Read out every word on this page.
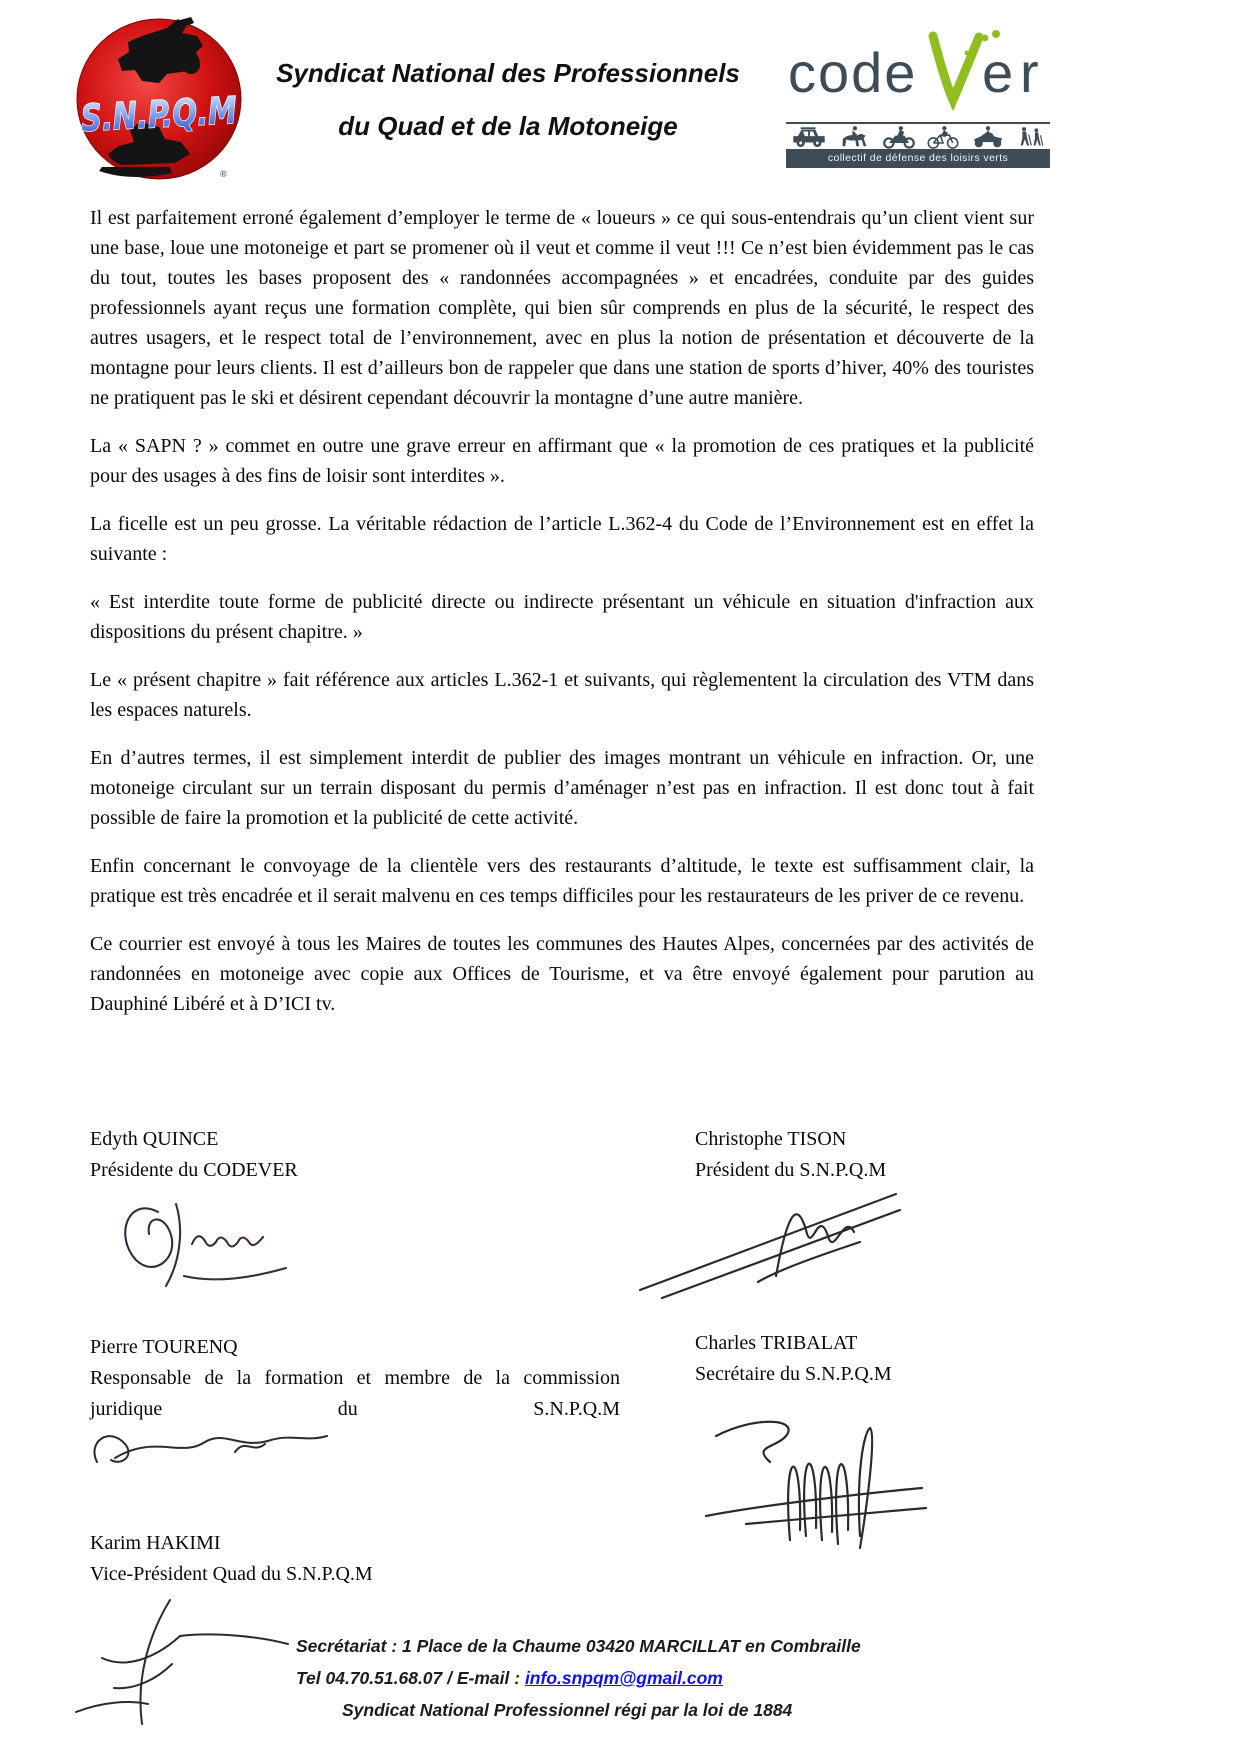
S.N.P.Q.M
®
Syndicat National des Professionnels
du Quad et de la Motoneige
code e r
collectif de défense des loisirs verts

Il est parfaitement erroné également d’employer le terme de « loueurs » ce qui sous-entendrais qu’un client vient sur une base, loue une motoneige et part se promener où il veut et comme il veut !!! Ce n’est bien évidemment pas le cas du tout, toutes les bases proposent des « randonnées accompagnées » et encadrées, conduite par des guides professionnels ayant reçus une formation complète, qui bien sûr comprends en plus de la sécurité, le respect des autres usagers, et le respect total de l’environnement, avec en plus la notion de présentation et découverte de la montagne pour leurs clients. Il est d’ailleurs bon de rappeler que dans une station de sports d’hiver, 40% des touristes ne pratiquent pas le ski et désirent cependant découvrir la montagne d’une autre manière.

La « SAPN ? » commet en outre une grave erreur en affirmant que « la promotion de ces pratiques et la publicité pour des usages à des fins de loisir sont interdites ».

La ficelle est un peu grosse. La véritable rédaction de l’article L.362-4 du Code de l’Environnement est en effet la suivante :

« Est interdite toute forme de publicité directe ou indirecte présentant un véhicule en situation d'infraction aux dispositions du présent chapitre. »

Le « présent chapitre » fait référence aux articles L.362-1 et suivants, qui règlementent la circulation des VTM dans les espaces naturels.

En d’autres termes, il est simplement interdit de publier des images montrant un véhicule en infraction. Or, une motoneige circulant sur un terrain disposant du permis d’aménager n’est pas en infraction. Il est donc tout à fait possible de faire la promotion et la publicité de cette activité.

Enfin concernant le convoyage de la clientèle vers des restaurants d’altitude, le texte est suffisamment clair, la pratique est très encadrée et il serait malvenu en ces temps difficiles pour les restaurateurs de les priver de ce revenu.

Ce courrier est envoyé à tous les Maires de toutes les communes des Hautes Alpes, concernées par des activités de randonnées en motoneige avec copie aux Offices de Tourisme, et va être envoyé également pour parution au Dauphiné Libéré et à D’ICI tv.

Edyth QUINCE
Présidente du CODEVER
Christophe TISON
Président du S.N.P.Q.M
Pierre TOURENQ
Responsable de la formation et membre de la commission juridique du S.N.P.Q.M
Charles TRIBALAT
Secrétaire du S.N.P.Q.M
Karim HAKIMI
Vice-Président Quad du S.N.P.Q.M
Secrétariat : 1 Place de la Chaume 03420 MARCILLAT en Combraille
Tel 04.70.51.68.07 / E-mail : info.snpqm@gmail.com
Syndicat National Professionnel régi par la loi de 1884
